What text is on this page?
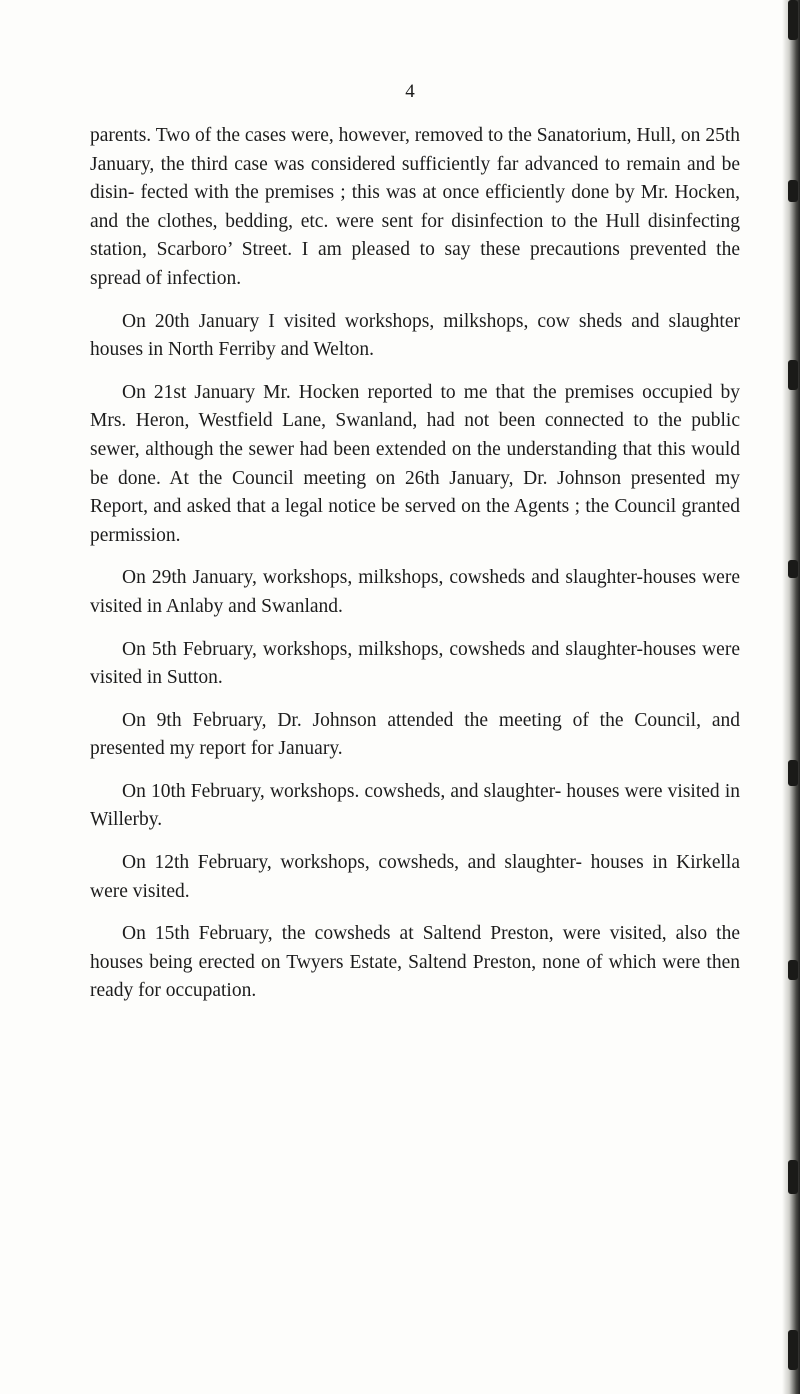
4

parents. Two of the cases were, however, removed to the Sanatorium, Hull, on 25th January, the third case was considered sufficiently far advanced to remain and be disin- fected with the premises ; this was at once efficiently done by Mr. Hocken, and the clothes, bedding, etc. were sent for disinfection to the Hull disinfecting station, Scarboro’ Street. I am pleased to say these precautions prevented the spread of infection.

On 20th January I visited workshops, milkshops, cow sheds and slaughter houses in North Ferriby and Welton.

On 21st January Mr. Hocken reported to me that the premises occupied by Mrs. Heron, Westfield Lane, Swanland, had not been connected to the public sewer, although the sewer had been extended on the understanding that this would be done. At the Council meeting on 26th January, Dr. Johnson presented my Report, and asked that a legal notice be served on the Agents ; the Council granted permission.

On 29th January, workshops, milkshops, cowsheds and slaughter-houses were visited in Anlaby and Swanland.

On 5th February, workshops, milkshops, cowsheds and slaughter-houses were visited in Sutton.

On 9th February, Dr. Johnson attended the meeting of the Council, and presented my report for January.

On 10th February, workshops. cowsheds, and slaughter- houses were visited in Willerby.

On 12th February, workshops, cowsheds, and slaughter- houses in Kirkella were visited.

On 15th February, the cowsheds at Saltend Preston, were visited, also the houses being erected on Twyers Estate, Saltend Preston, none of which were then ready for occupation.
